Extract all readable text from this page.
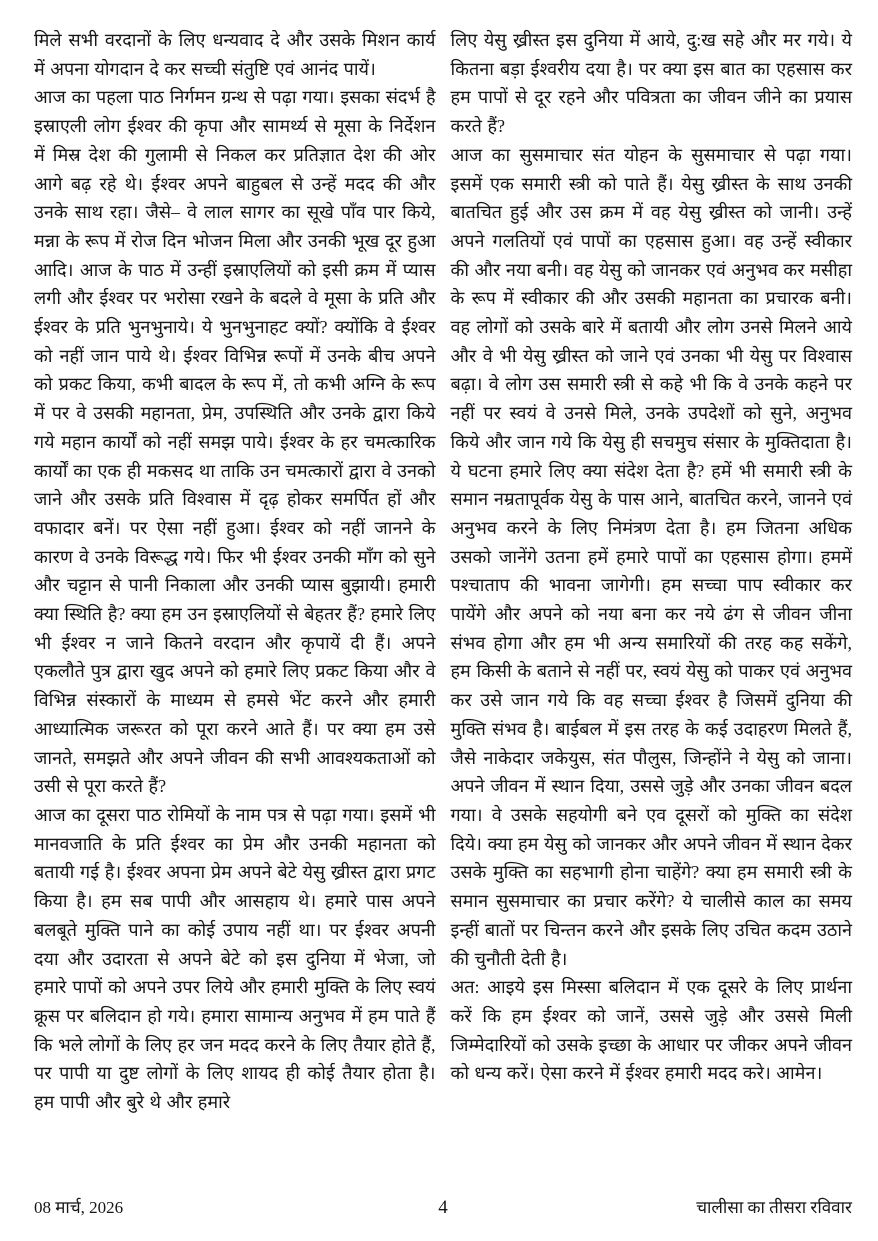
मिले सभी वरदानों के लिए धन्यवाद दे और उसके मिशन कार्य में अपना योगदान दे कर सच्ची संतुष्टि एवं आनंद पायें।

आज का पहला पाठ निर्गमन ग्रन्थ से पढ़ा गया। इसका संदर्भ है इस्राएली लोग ईश्वर की कृपा और सामर्थ्य से मूसा के निर्देशन में मिस्र देश की गुलामी से निकल कर प्रतिज्ञात देश की ओर आगे बढ़ रहे थे। ईश्वर अपने बाहुबल से उन्हें मदद की और उनके साथ रहा। जैसे– वे लाल सागर का सूखे पाँव पार किये, मन्ना के रूप में रोज दिन भोजन मिला और उनकी भूख दूर हुआ आदि। आज के पाठ में उन्हीं इस्राएलियों को इसी क्रम में प्यास लगी और ईश्वर पर भरोसा रखने के बदले वे मूसा के प्रति और ईश्वर के प्रति भुनभुनाये। ये भुनभुनाहट क्यों? क्योंकि वे ईश्वर को नहीं जान पाये थे। ईश्वर विभिन्न रूपों में उनके बीच अपने को प्रकट किया, कभी बादल के रूप में, तो कभी अग्नि के रूप में पर वे उसकी महानता, प्रेम, उपस्थिति और उनके द्वारा किये गये महान कार्यों को नहीं समझ पाये। ईश्वर के हर चमत्कारिक कार्यों का एक ही मकसद था ताकि उन चमत्कारों द्वारा वे उनको जाने और उसके प्रति विश्वास में दृढ़ होकर समर्पित हों और वफादार बनें। पर ऐसा नहीं हुआ। ईश्वर को नहीं जानने के कारण वे उनके विरूद्ध गये। फिर भी ईश्वर उनकी माँग को सुने और चट्टान से पानी निकाला और उनकी प्यास बुझायी। हमारी क्या स्थिति है? क्या हम उन इस्राएलियों से बेहतर हैं? हमारे लिए भी ईश्वर न जाने कितने वरदान और कृपायें दी हैं। अपने एकलौते पुत्र द्वारा खुद अपने को हमारे लिए प्रकट किया और वे विभिन्न संस्कारों के माध्यम से हमसे भेंट करने और हमारी आध्यात्मिक जरूरत को पूरा करने आते हैं। पर क्या हम उसे जानते, समझते और अपने जीवन की सभी आवश्यकताओं को उसी से पूरा करते हैं?

आज का दूसरा पाठ रोमियों के नाम पत्र से पढ़ा गया। इसमें भी मानवजाति के प्रति ईश्वर का प्रेम और उनकी महानता को बतायी गई है। ईश्वर अपना प्रेम अपने बेटे येसु ख्रीस्त द्वारा प्रगट किया है। हम सब पापी और आसहाय थे। हमारे पास अपने बलबूते मुक्ति पाने का कोई उपाय नहीं था। पर ईश्वर अपनी दया और उदारता से अपने बेटे को इस दुनिया में भेजा, जो हमारे पापों को अपने उपर लिये और हमारी मुक्ति के लिए स्वयं क्रूस पर बलिदान हो गये। हमारा सामान्य अनुभव में हम पाते हैं कि भले लोगों के लिए हर जन मदद करने के लिए तैयार होते हैं, पर पापी या दुष्ट लोगों के लिए शायद ही कोई तैयार होता है। हम पापी और बुरे थे और हमारे

लिए येसु ख्रीस्त इस दुनिया में आये, दु:ख सहे और मर गये। ये कितना बड़ा ईश्वरीय दया है। पर क्या इस बात का एहसास कर हम पापों से दूर रहने और पवित्रता का जीवन जीने का प्रयास करते हैं?

आज का सुसमाचार संत योहन के सुसमाचार से पढ़ा गया। इसमें एक समारी स्त्री को पाते हैं। येसु ख्रीस्त के साथ उनकी बातचित हुई और उस क्रम में वह येसु ख्रीस्त को जानी। उन्हें अपने गलतियों एवं पापों का एहसास हुआ। वह उन्हें स्वीकार की और नया बनी। वह येसु को जानकर एवं अनुभव कर मसीहा के रूप में स्वीकार की और उसकी महानता का प्रचारक बनी। वह लोगों को उसके बारे में बतायी और लोग उनसे मिलने आये और वे भी येसु ख्रीस्त को जाने एवं उनका भी येसु पर विश्वास बढ़ा। वे लोग उस समारी स्त्री से कहे भी कि वे उनके कहने पर नहीं पर स्वयं वे उनसे मिले, उनके उपदेशों को सुने, अनुभव किये और जान गये कि येसु ही सचमुच संसार के मुक्तिदाता है। ये घटना हमारे लिए क्या संदेश देता है? हमें भी समारी स्त्री के समान नम्रतापूर्वक येसु के पास आने, बातचित करने, जानने एवं अनुभव करने के लिए निमंत्रण देता है। हम जितना अधिक उसको जानेंगे उतना हमें हमारे पापों का एहसास होगा। हममें पश्चाताप की भावना जागेगी। हम सच्चा पाप स्वीकार कर पायेंगे और अपने को नया बना कर नये ढंग से जीवन जीना संभव होगा और हम भी अन्य समारियों की तरह कह सकेंगे, हम किसी के बताने से नहीं पर, स्वयं येसु को पाकर एवं अनुभव कर उसे जान गये कि वह सच्चा ईश्वर है जिसमें दुनिया की मुक्ति संभव है। बाईबल में इस तरह के कई उदाहरण मिलते हैं, जैसे नाकेदार जकेयुस, संत पौलुस, जिन्होंने ने येसु को जाना। अपने जीवन में स्थान दिया, उससे जुड़े और उनका जीवन बदल गया। वे उसके सहयोगी बने एव दूसरों को मुक्ति का संदेश दिये। क्या हम येसु को जानकर और अपने जीवन में स्थान देकर उसके मुक्ति का सहभागी होना चाहेंगे? क्या हम समारी स्त्री के समान सुसमाचार का प्रचार करेंगे? ये चालीसे काल का समय इन्हीं बातों पर चिन्तन करने और इसके लिए उचित कदम उठाने की चुनौती देती है।

अत: आइये इस मिस्सा बलिदान में एक दूसरे के लिए प्रार्थना करें कि हम ईश्वर को जानें, उससे जुड़े और उससे मिली जिम्मेदारियों को उसके इच्छा के आधार पर जीकर अपने जीवन को धन्य करें। ऐसा करने में ईश्वर हमारी मदद करे। आमेन।

08 मार्च, 2026	4	चालीसा का तीसरा रविवार
